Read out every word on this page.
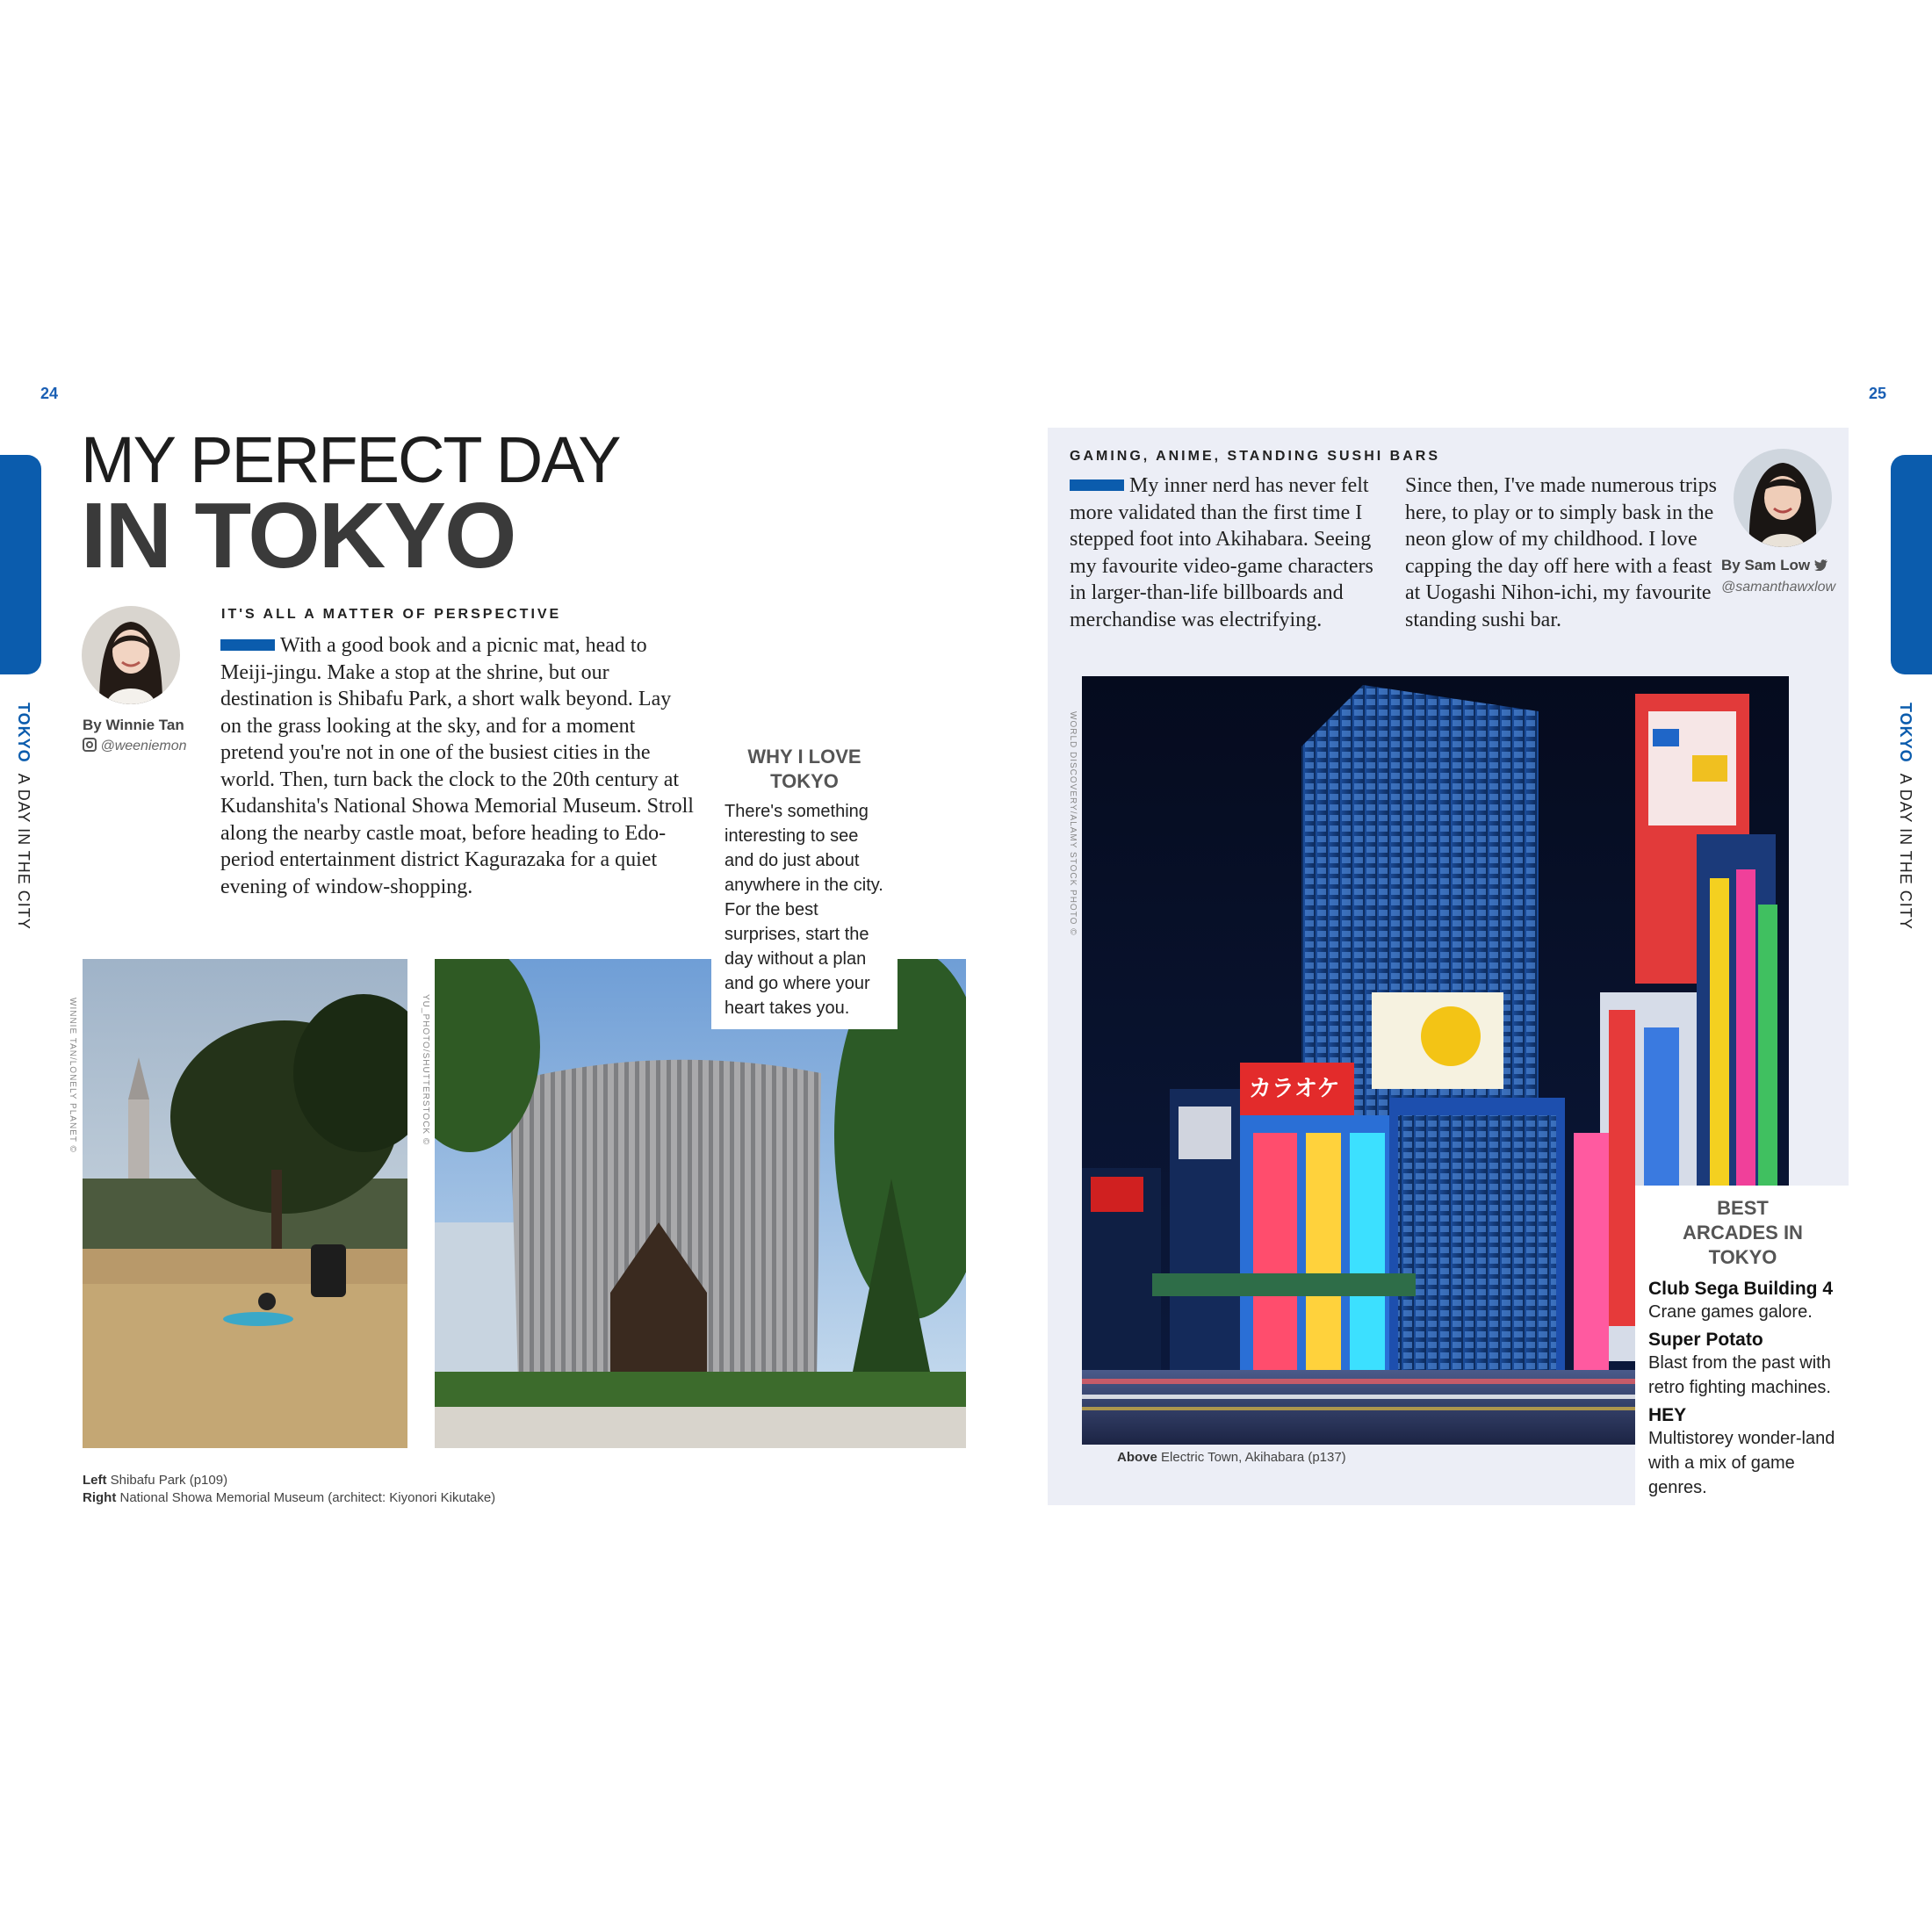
24
TOKYO  A DAY IN THE CITY
MY PERFECT DAY
IN TOKYO
By Winnie Tan
@weeniemon
IT'S ALL A MATTER OF PERSPECTIVE
With a good book and a picnic mat, head to Meiji-jingu. Make a stop at the shrine, but our destination is Shibafu Park, a short walk beyond. Lay on the grass looking at the sky, and for a moment pretend you're not in one of the busiest cities in the world. Then, turn back the clock to the 20th century at Kudanshita's National Showa Memorial Museum. Stroll along the nearby castle moat, before heading to Edo-period entertainment district Kagurazaka for a quiet evening of window-shopping.
WINNIE TAN/LONELY PLANET ©	YU_PHOTO/SHUTTERSTOCK ©
WHY I LOVE TOKYO
There's something interesting to see and do just about anywhere in the city. For the best surprises, start the day without a plan and go where your heart takes you.
Left Shibafu Park (p109)
Right National Showa Memorial Museum (architect: Kiyonori Kikutake)
25
TOKYO  A DAY IN THE CITY
GAMING, ANIME, STANDING SUSHI BARS
My inner nerd has never felt more validated than the first time I stepped foot into Akihabara. Seeing my favourite video-game characters in larger-than-life billboards and merchandise was electrifying.
Since then, I've made numerous trips here, to play or to simply bask in the neon glow of my childhood. I love capping the day off here with a feast at Uogashi Nihon-ichi, my favourite standing sushi bar.
By Sam Low
@samanthawxlow
カラオケ
WORLD DISCOVERY/ALAMY STOCK PHOTO ©
BEST ARCADES IN TOKYO
Club Sega Building 4
Crane games galore.
Super Potato
Blast from the past with retro fighting machines.
HEY
Multistorey wonder-land with a mix of game genres.
Above Electric Town, Akihabara (p137)
